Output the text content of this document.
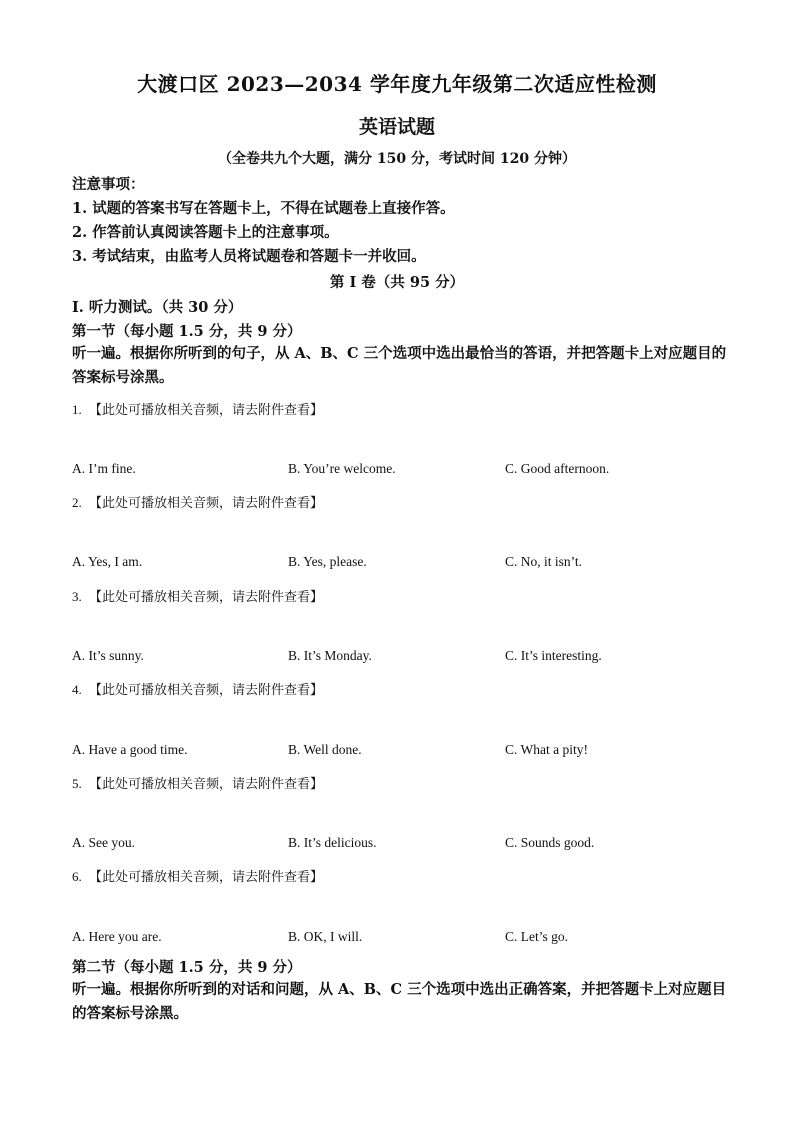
大渡口区 2023—2034 学年度九年级第二次适应性检测
英语试题
（全卷共九个大题，满分 150 分，考试时间 120 分钟）
注意事项：
1. 试题的答案书写在答题卡上，不得在试题卷上直接作答。
2. 作答前认真阅读答题卡上的注意事项。
3. 考试结束，由监考人员将试题卷和答题卡一并收回。
第 I 卷（共 95 分）
Ⅰ. 听力测试。（共 30 分）
第一节（每小题 1.5 分，共 9 分）
听一遍。根据你所听到的句子，从 A、B、C 三个选项中选出最恰当的答语，并把答题卡上对应题目的答案标号涂黑。
1. 【此处可播放相关音频，请去附件查看】
A. I’m fine.	B. You’re welcome.	C. Good afternoon.
2. 【此处可播放相关音频，请去附件查看】
A. Yes, I am.	B. Yes, please.	C. No, it isn’t.
3. 【此处可播放相关音频，请去附件查看】
A. It’s sunny.	B. It’s Monday.	C. It’s interesting.
4. 【此处可播放相关音频，请去附件查看】
A. Have a good time.	B. Well done.	C. What a pity!
5. 【此处可播放相关音频，请去附件查看】
A. See you.	B. It’s delicious.	C. Sounds good.
6. 【此处可播放相关音频，请去附件查看】
A. Here you are.	B. OK, I will.	C. Let’s go.
第二节（每小题 1.5 分，共 9 分）
听一遍。根据你所听到的对话和问题，从 A、B、C 三个选项中选出正确答案，并把答题卡上对应题目的答案标号涂黑。
